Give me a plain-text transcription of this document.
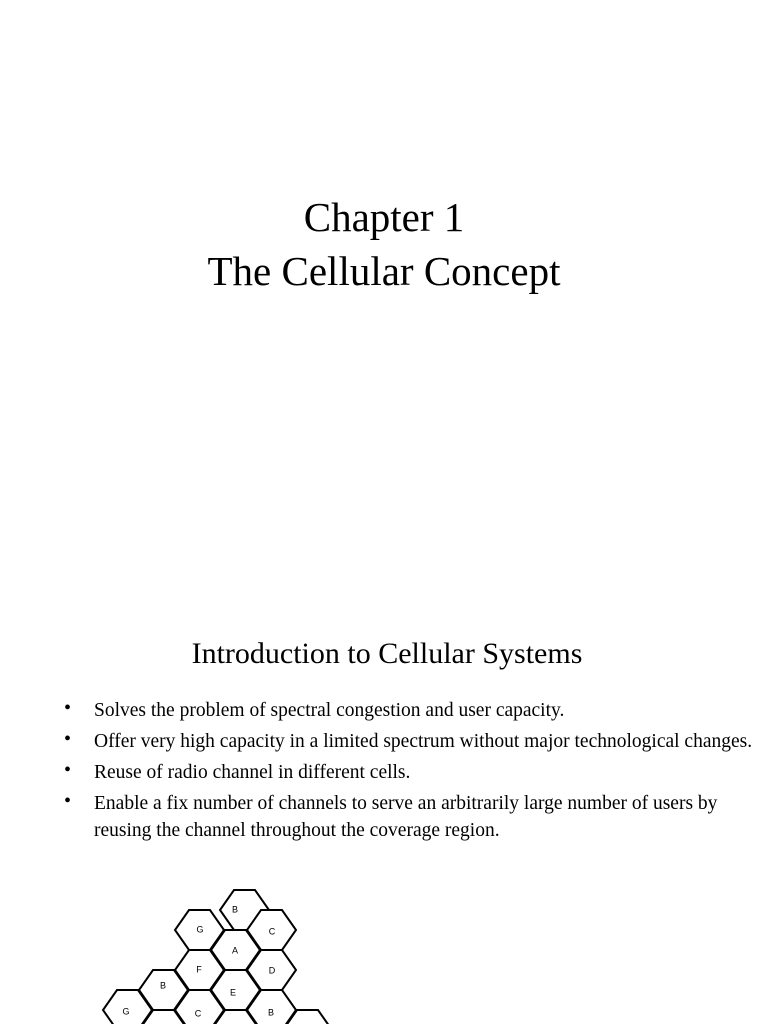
Chapter 1
The Cellular Concept
Introduction to Cellular Systems
• Solves the problem of spectral congestion and user capacity.
• Offer very high capacity in a limited spectrum without major technological changes.
• Reuse of radio channel in different cells.
• Enable a fix number of channels to serve an arbitrarily large number of users by reusing the channel throughout the coverage region.
B
G	C
A
F	D
E
B
G	C	B
